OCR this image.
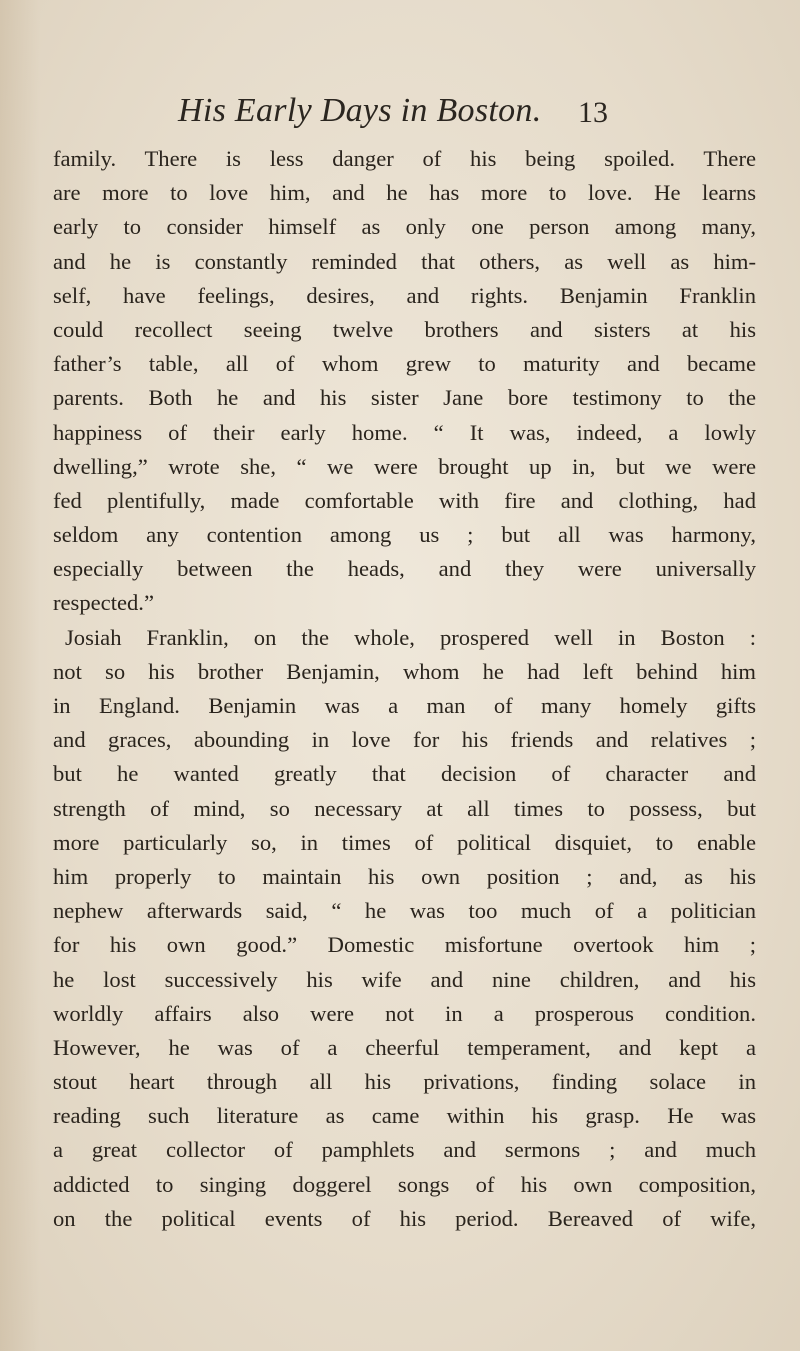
His Early Days in Boston. 13
family. There is less danger of his being spoiled. There
are more to love him, and he has more to love. He learns
early to consider himself as only one person among many,
and he is constantly reminded that others, as well as him-
self, have feelings, desires, and rights. Benjamin Franklin
could recollect seeing twelve brothers and sisters at his
father’s table, all of whom grew to maturity and became
parents. Both he and his sister Jane bore testimony to the
happiness of their early home. “ It was, indeed, a lowly
dwelling,” wrote she, “ we were brought up in, but we were
fed plentifully, made comfortable with fire and clothing, had
seldom any contention among us ; but all was harmony,
especially between the heads, and they were universally
respected.”
Josiah Franklin, on the whole, prospered well in Boston :
not so his brother Benjamin, whom he had left behind him
in England. Benjamin was a man of many homely gifts
and graces, abounding in love for his friends and relatives ;
but he wanted greatly that decision of character and
strength of mind, so necessary at all times to possess, but
more particularly so, in times of political disquiet, to enable
him properly to maintain his own position ; and, as his
nephew afterwards said, “ he was too much of a politician
for his own good.” Domestic misfortune overtook him ;
he lost successively his wife and nine children, and his
worldly affairs also were not in a prosperous condition.
However, he was of a cheerful temperament, and kept a
stout heart through all his privations, finding solace in
reading such literature as came within his grasp. He was
a great collector of pamphlets and sermons ; and much
addicted to singing doggerel songs of his own composition,
on the political events of his period. Bereaved of wife,
